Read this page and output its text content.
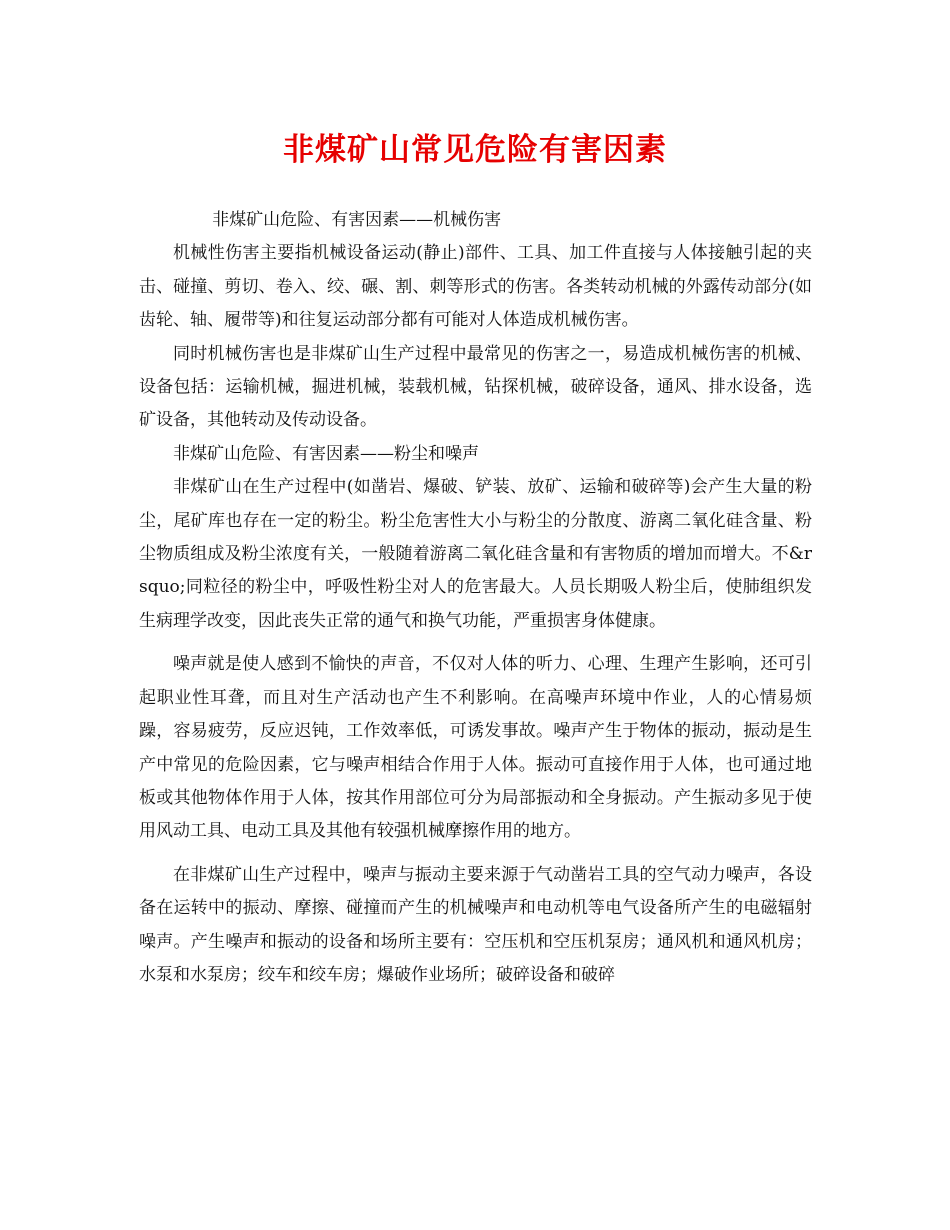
非煤矿山常见危险有害因素

非煤矿山危险、有害因素——机械伤害

机械性伤害主要指机械设备运动(静止)部件、工具、加工件直接与人体接触引起的夹击、碰撞、剪切、卷入、绞、碾、割、刺等形式的伤害。各类转动机械的外露传动部分(如齿轮、轴、履带等)和往复运动部分都有可能对人体造成机械伤害。

同时机械伤害也是非煤矿山生产过程中最常见的伤害之一，易造成机械伤害的机械、设备包括：运输机械，掘进机械，装载机械，钻探机械，破碎设备，通风、排水设备，选矿设备，其他转动及传动设备。

非煤矿山危险、有害因素——粉尘和噪声

非煤矿山在生产过程中(如凿岩、爆破、铲装、放矿、运输和破碎等)会产生大量的粉尘，尾矿库也存在一定的粉尘。粉尘危害性大小与粉尘的分散度、游离二氧化硅含量、粉尘物质组成及粉尘浓度有关，一般随着游离二氧化硅含量和有害物质的增加而增大。不&rsquo;同粒径的粉尘中，呼吸性粉尘对人的危害最大。人员长期吸人粉尘后，使肺组织发生病理学改变，因此丧失正常的通气和换气功能，严重损害身体健康。

噪声就是使人感到不愉快的声音，不仅对人体的听力、心理、生理产生影响，还可引起职业性耳聋，而且对生产活动也产生不利影响。在高噪声环境中作业，人的心情易烦躁，容易疲劳，反应迟钝，工作效率低，可诱发事故。噪声产生于物体的振动，振动是生产中常见的危险因素，它与噪声相结合作用于人体。振动可直接作用于人体，也可通过地板或其他物体作用于人体，按其作用部位可分为局部振动和全身振动。产生振动多见于使用风动工具、电动工具及其他有较强机械摩擦作用的地方。

在非煤矿山生产过程中，噪声与振动主要来源于气动凿岩工具的空气动力噪声，各设备在运转中的振动、摩擦、碰撞而产生的机械噪声和电动机等电气设备所产生的电磁辐射噪声。产生噪声和振动的设备和场所主要有：空压机和空压机泵房；通风机和通风机房；水泵和水泵房；绞车和绞车房；爆破作业场所；破碎设备和破碎
